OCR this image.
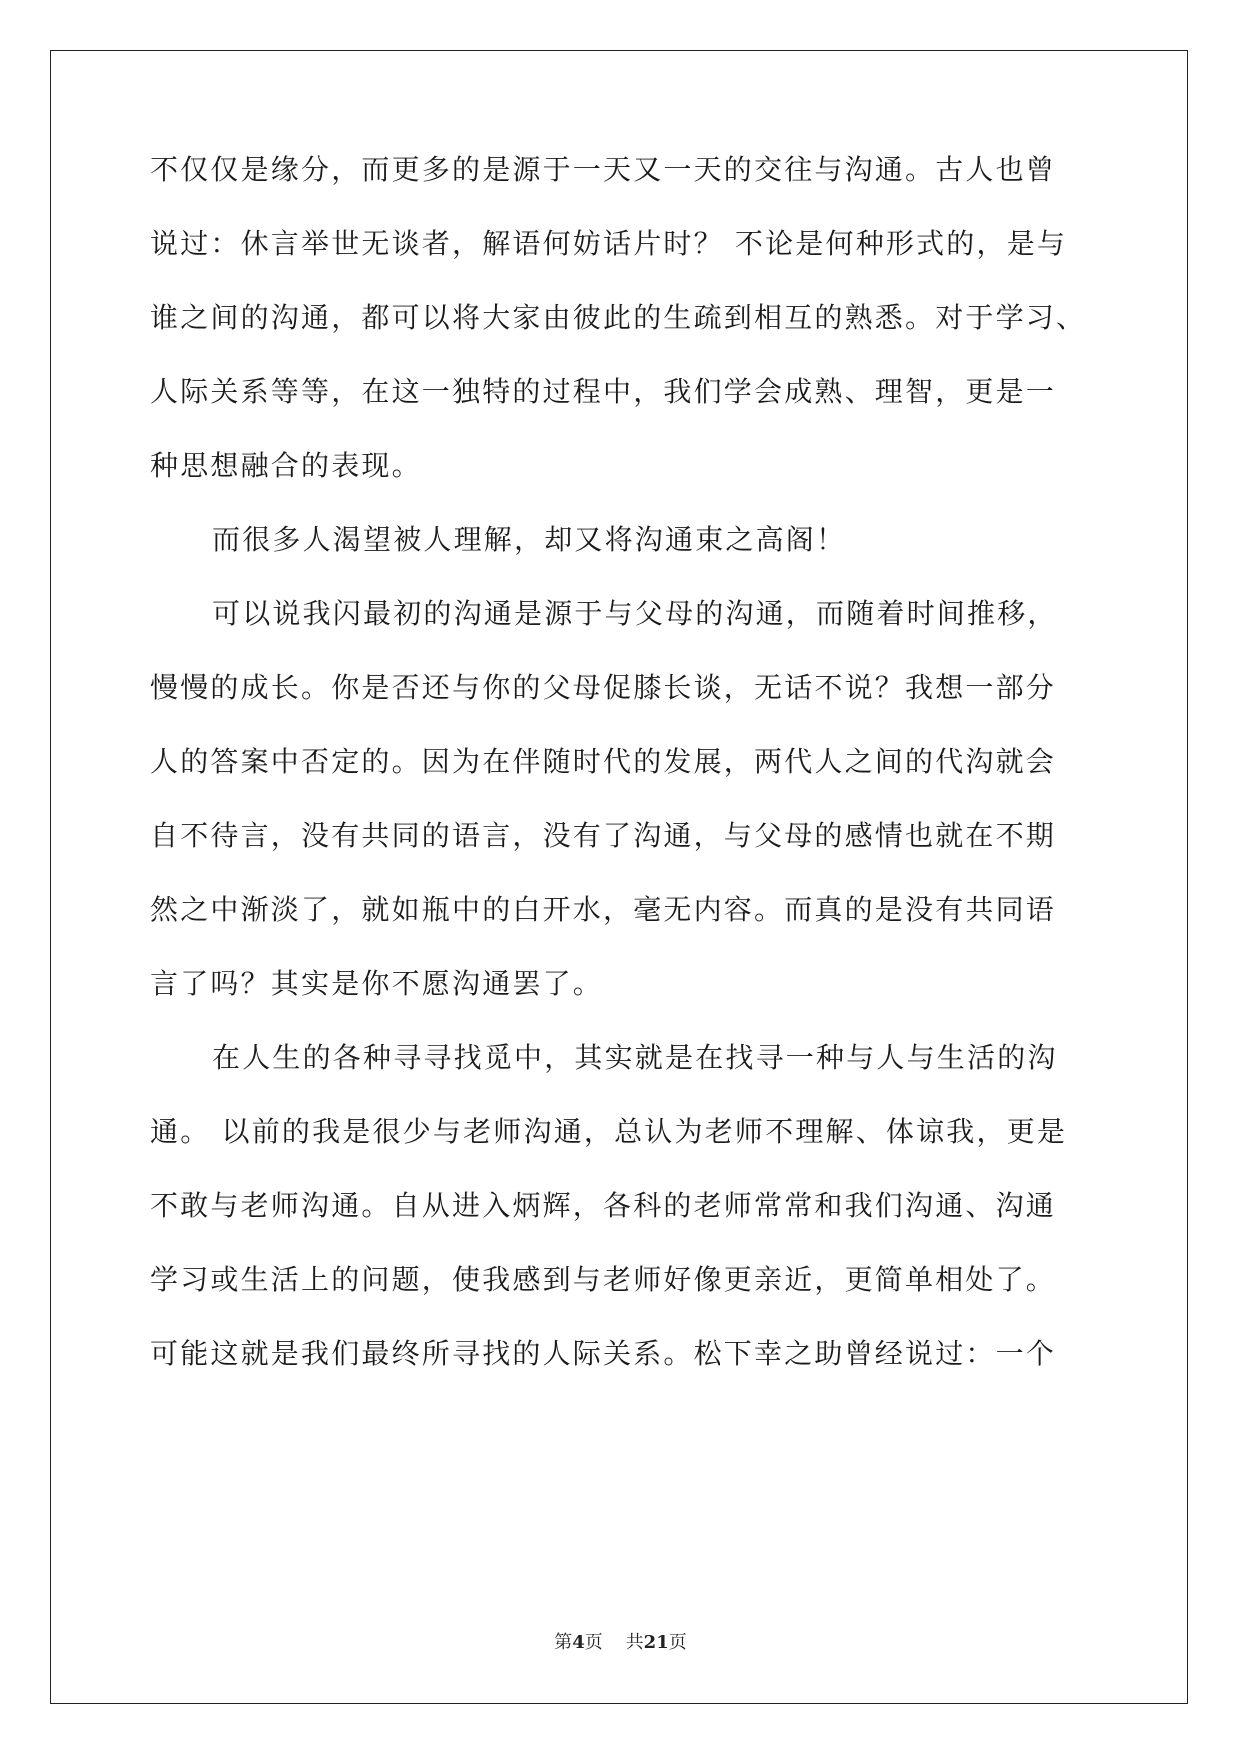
不仅仅是缘分，而更多的是源于一天又一天的交往与沟通。古人也曾
说过：休言举世无谈者，解语何妨话片时？ 不论是何种形式的，是与
谁之间的沟通，都可以将大家由彼此的生疏到相互的熟悉。对于学习、
人际关系等等，在这一独特的过程中，我们学会成熟、理智，更是一
种思想融合的表现。
而很多人渴望被人理解，却又将沟通束之高阁！
可以说我闪最初的沟通是源于与父母的沟通，而随着时间推移，
慢慢的成长。你是否还与你的父母促膝长谈，无话不说？我想一部分
人的答案中否定的。因为在伴随时代的发展，两代人之间的代沟就会
自不待言，没有共同的语言，没有了沟通，与父母的感情也就在不期
然之中渐淡了，就如瓶中的白开水，毫无内容。而真的是没有共同语
言了吗？其实是你不愿沟通罢了。
在人生的各种寻寻找觅中，其实就是在找寻一种与人与生活的沟
通。 以前的我是很少与老师沟通，总认为老师不理解、体谅我，更是
不敢与老师沟通。自从进入炳辉，各科的老师常常和我们沟通、沟通
学习或生活上的问题，使我感到与老师好像更亲近，更简单相处了。
可能这就是我们最终所寻找的人际关系。松下幸之助曾经说过：一个
第4页 共21页
